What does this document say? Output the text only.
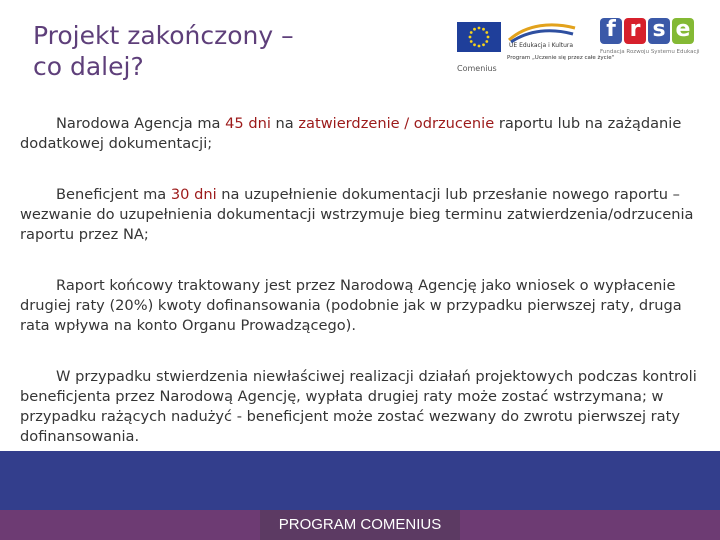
Projekt zakończony –
co dalej?
UE Edukacja i Kultura
Program „Uczenie się przez całe życie"
Comenius
f r s e
Fundacja Rozwoju Systemu Edukacji

Narodowa Agencja ma 45 dni na zatwierdzenie / odrzucenie raportu lub na zażądanie dodatkowej dokumentacji;

Beneficjent ma 30 dni na uzupełnienie dokumentacji lub przesłanie nowego raportu – wezwanie do uzupełnienia dokumentacji wstrzymuje bieg terminu zatwierdzenia/odrzucenia raportu przez NA;

Raport końcowy traktowany jest przez Narodową Agencję jako wniosek o wypłacenie drugiej raty (20%) kwoty dofinansowania (podobnie jak w przypadku pierwszej raty, druga rata wpływa na konto Organu Prowadzącego).

W przypadku stwierdzenia niewłaściwej realizacji działań projektowych podczas kontroli beneficjenta przez Narodową Agencję, wypłata drugiej raty może zostać wstrzymana; w przypadku rażących nadużyć - beneficjent może zostać wezwany do zwrotu pierwszej raty dofinansowania.

PROGRAM COMENIUS
